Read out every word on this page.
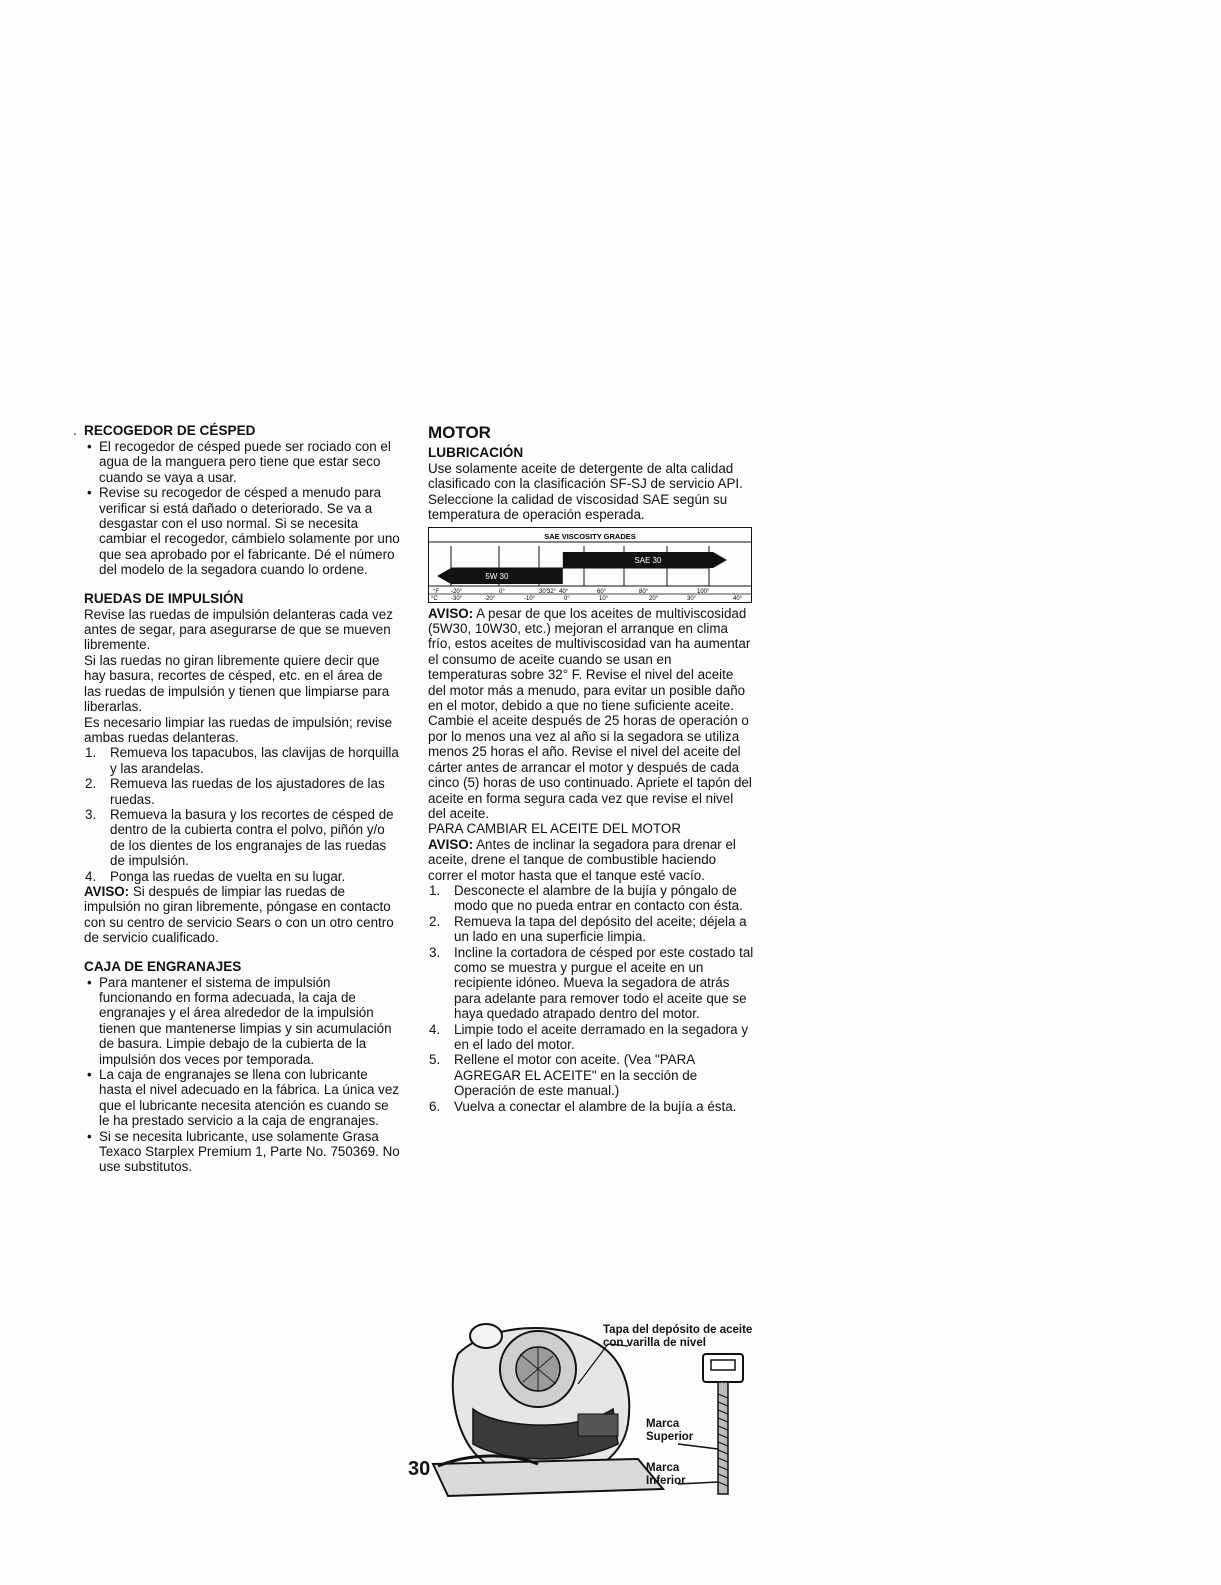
. RECOGEDOR DE CÉSPED
• El recogedor de césped puede ser rociado con el agua de la manguera pero tiene que estar seco cuando se vaya a usar.
• Revise su recogedor de césped a menudo para verificar si está dañado o deteriorado. Se va a desgastar con el uso normal. Si se necesita cambiar el recogedor, cámbielo solamente por uno que sea aprobado por el fabricante. Dé el número del modelo de la segadora cuando lo ordene.
RUEDAS DE IMPULSIÓN

Revise las ruedas de impulsión delanteras cada vez antes de segar, para asegurarse de que se mueven libremente.

Si las ruedas no giran libremente quiere decir que hay basura, recortes de césped, etc. en el área de las ruedas de impulsión y tienen que limpiarse para liberarlas.

Es necesario limpiar las ruedas de impulsión; revise ambas ruedas delanteras.

1. Remueva los tapacubos, las clavijas de horquilla y las arandelas.
2. Remueva las ruedas de los ajustadores de las ruedas.
3. Remueva la basura y los recortes de césped de dentro de la cubierta contra el polvo, piñón y/o de los dientes de los engranajes de las ruedas de impulsión.
4. Ponga las ruedas de vuelta en su lugar.

AVISO: Si después de limpiar las ruedas de impulsión no giran libremente, póngase en contacto con su centro de servicio Sears o con un otro centro de servicio cualificado.

CAJA DE ENGRANAJES
• Para mantener el sistema de impulsión funcionando en forma adecuada, la caja de engranajes y el área alrededor de la impulsión tienen que mantenerse limpias y sin acumulación de basura. Limpie debajo de la cubierta de la impulsión dos veces por temporada.
• La caja de engranajes se llena con lubricante hasta el nivel adecuado en la fábrica. La única vez que el lubricante necesita atención es cuando se le ha prestado servicio a la caja de engranajes.
• Si se necesita lubricante, use solamente Grasa Texaco Starplex Premium 1, Parte No. 750369. No use substitutos.
MOTOR
LUBRICACIÓN

Use solamente aceite de detergente de alta calidad clasificado con la clasificación SF-SJ de servicio API. Seleccione la calidad de viscosidad SAE según su temperatura de operación esperada.

SAE VISCOSITY GRADES
SAE 30
5W 30
°F -20°	0°	30°
32° 40°	60°	80°	100°
°C -30°	-20°	-10°	0°	10°	20°	30°	40°

AVISO: A pesar de que los aceites de multiviscosidad (5W30, 10W30, etc.) mejoran el arranque en clima frío, estos aceites de multiviscosidad van ha aumentar el consumo de aceite cuando se usan en temperaturas sobre 32° F. Revise el nivel del aceite del motor más a menudo, para evitar un posible daño en el motor, debido a que no tiene suficiente aceite.

Cambie el aceite después de 25 horas de operación o por lo menos una vez al año si la segadora se utiliza menos 25 horas el año. Revise el nivel del aceite del cárter antes de arrancar el motor y después de cada cinco (5) horas de uso continuado. Apriete el tapón del aceite en forma segura cada vez que revise el nivel del aceite.

PARA CAMBIAR EL ACEITE DEL MOTOR

AVISO: Antes de inclinar la segadora para drenar el aceite, drene el tanque de combustible haciendo correr el motor hasta que el tanque esté vacío.

1. Desconecte el alambre de la bujía y póngalo de modo que no pueda entrar en contacto con ésta.
2. Remueva la tapa del depósito del aceite; déjela a un lado en una superficie limpia.
3. Incline la cortadora de césped por este costado tal como se muestra y purgue el aceite en un recipiente idóneo. Mueva la segadora de atrás para adelante para remover todo el aceite que se haya quedado atrapado dentro del motor.
4. Limpie todo el aceite derramado en la segadora y en el lado del motor.
5. Rellene el motor con aceite. (Vea "PARA AGREGAR EL ACEITE" en la sección de Operación de este manual.)
6. Vuelva a conectar el alambre de la bujía a ésta.
Tapa del depósito de aceite con varilla de nivel
Marca Superior
Marca Inferior
30
